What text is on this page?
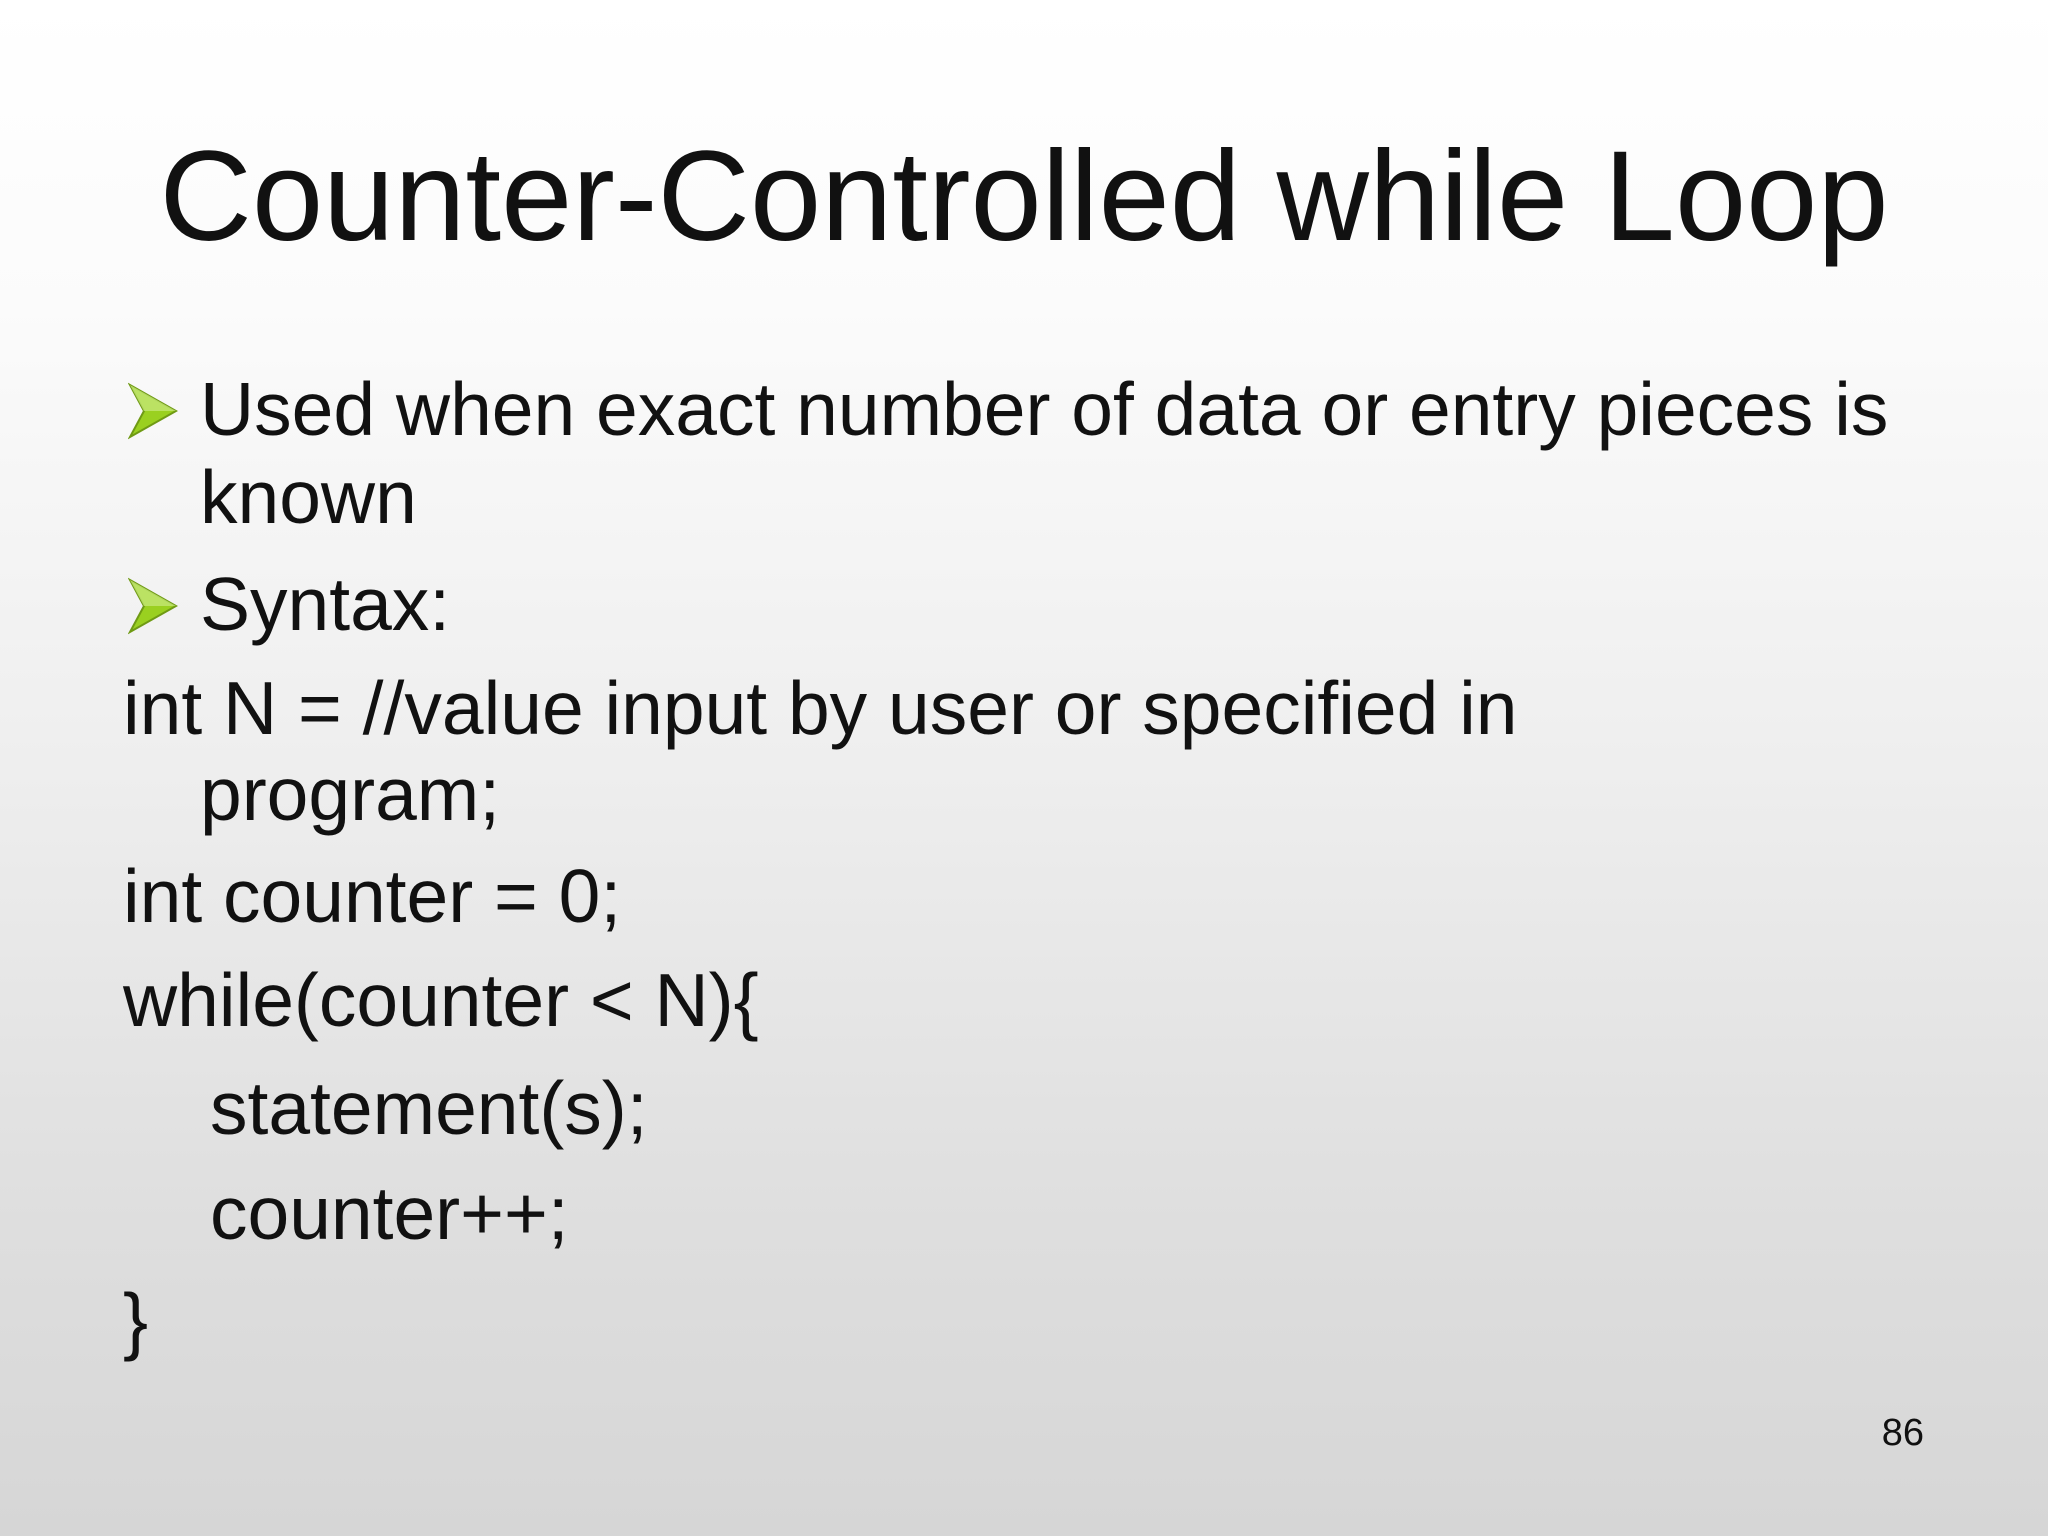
Counter-Controlled while Loop
Used when exact number of data or entry pieces is known
Syntax:
int N = //value input by user or specified in
program;
int counter = 0;
while(counter < N){
statement(s);
counter++;
}
86
